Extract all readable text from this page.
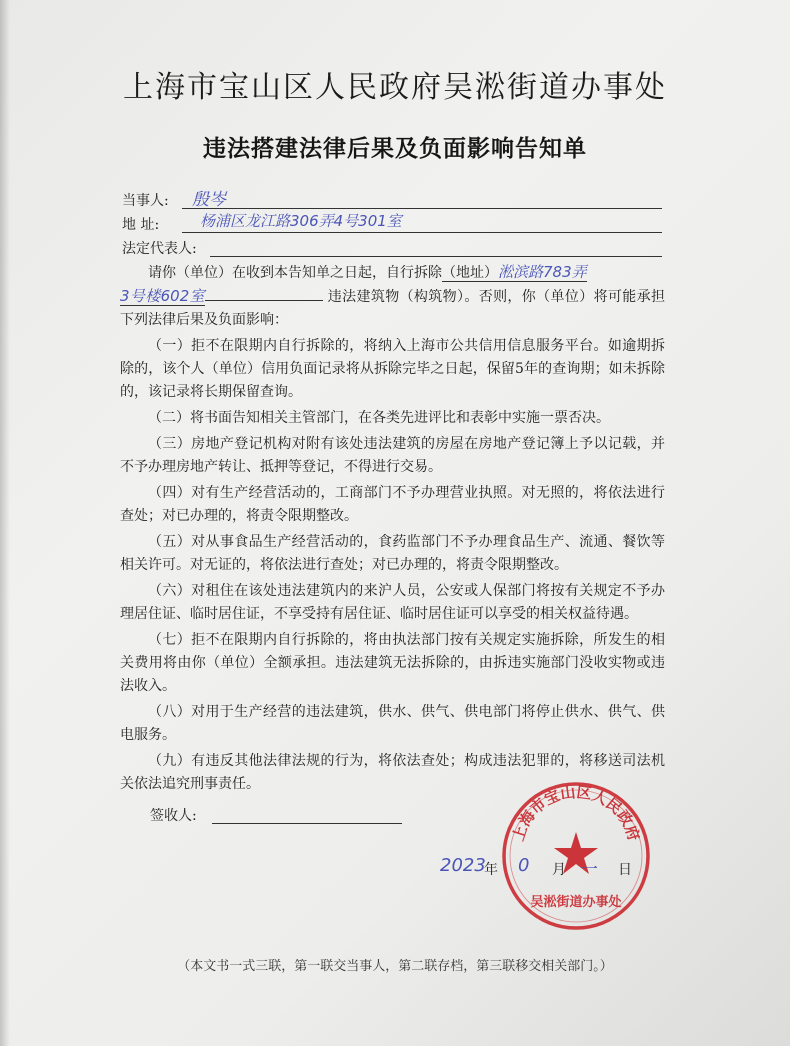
上海市宝山区人民政府吴淞街道办事处
违法搭建法律后果及负面影响告知单
当事人: 殷岑
地 址:	杨浦区龙江路306弄4号301室
法定代表人:

请你（单位）在收到本告知单之日起，自行拆除（地址）淞滨路783弄

3号楼602室	违法建筑物（构筑物）。否则，你（单位）将可能承担下列法律后果及负面影响：

（一）拒不在限期内自行拆除的，将纳入上海市公共信用信息服务平台。如逾期拆除的，该个人（单位）信用负面记录将从拆除完毕之日起，保留5年的查询期；如未拆除的，该记录将长期保留查询。

（二）将书面告知相关主管部门，在各类先进评比和表彰中实施一票否决。

（三）房地产登记机构对附有该处违法建筑的房屋在房地产登记簿上予以记载，并不予办理房地产转让、抵押等登记，不得进行交易。

（四）对有生产经营活动的，工商部门不予办理营业执照。对无照的，将依法进行查处；对已办理的，将责令限期整改。

（五）对从事食品生产经营活动的，食药监部门不予办理食品生产、流通、餐饮等相关许可。对无证的，将依法进行查处；对已办理的，将责令限期整改。

（六）对租住在该处违法建筑内的来沪人员，公安或人保部门将按有关规定不予办理居住证、临时居住证，不享受持有居住证、临时居住证可以享受的相关权益待遇。

（七）拒不在限期内自行拆除的，将由执法部门按有关规定实施拆除，所发生的相关费用将由你（单位）全额承担。违法建筑无法拆除的，由拆违实施部门没收实物或违法收入。

（八）对用于生产经营的违法建筑，供水、供气、供电部门将停止供水、供气、供电服务。

（九）有违反其他法律法规的行为，将依法查处；构成违法犯罪的，将移送司法机关依法追究刑事责任。

签收人:
上海市宝山区人民政府
吴淞街道办事处
2023
年 0 月 一 日
（本文书一式三联，第一联交当事人，第二联存档，第三联移交相关部门。）
